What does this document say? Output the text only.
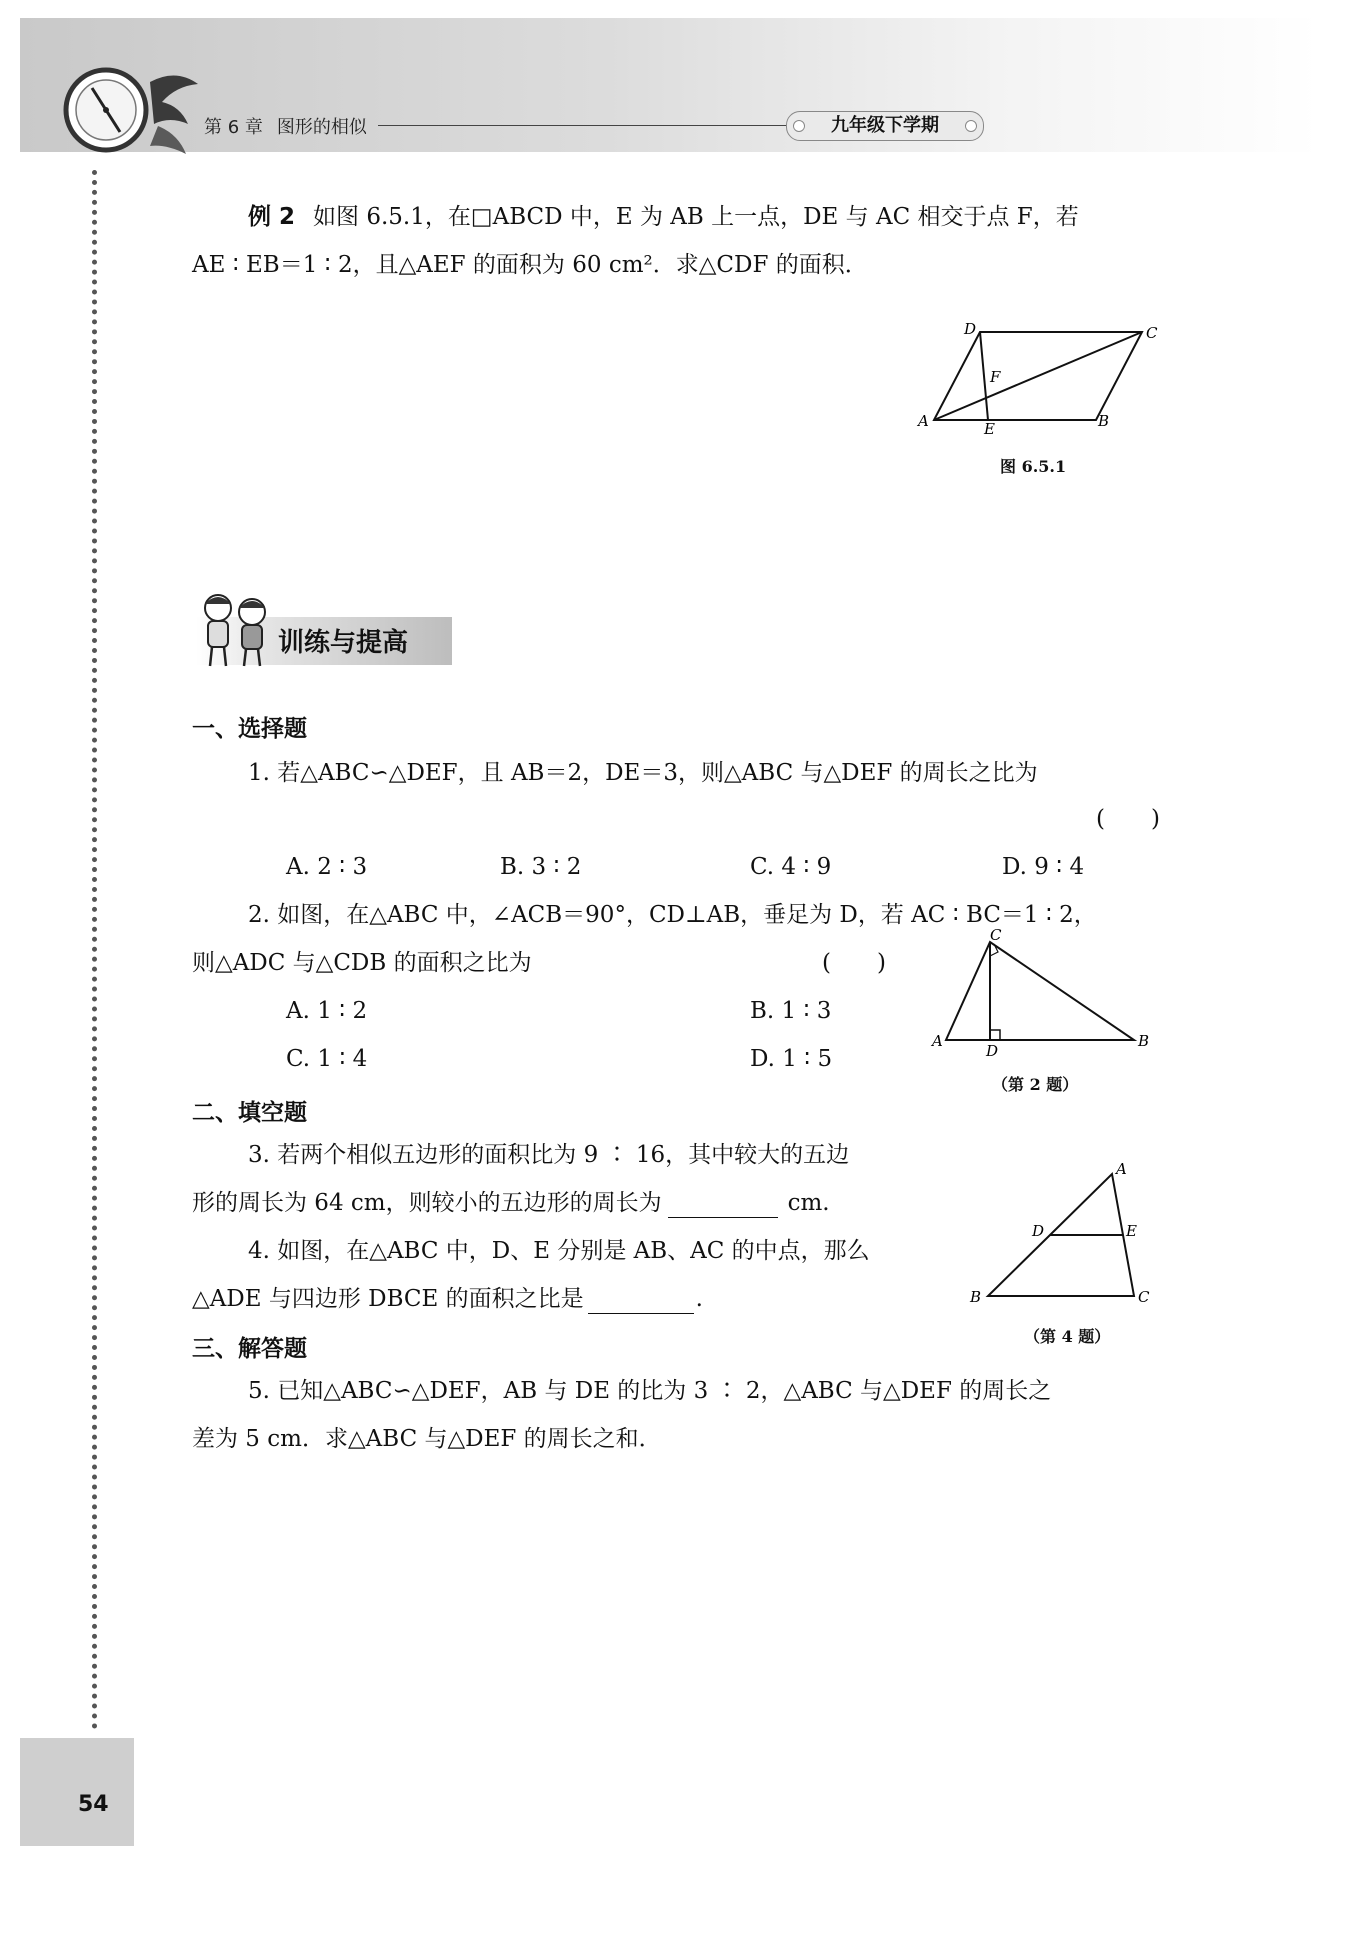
第 6 章 图形的相似	九年级下学期
54
例 2 如图 6.5.1，在□ABCD 中，E 为 AB 上一点，DE 与 AC 相交于点 F，若
AE ∶ EB＝1 ∶ 2，且△AEF 的面积为 60 cm²．求△CDF 的面积．
A	B
C
D
E
F
图 6.5.1
训练与提高
一、选择题
1. 若△ABC∽△DEF，且 AB＝2，DE＝3，则△ABC 与△DEF 的周长之比为
(　　)
A. 2 ∶ 3	B. 3 ∶ 2	C. 4 ∶ 9	D. 9 ∶ 4
2. 如图，在△ABC 中，∠ACB＝90°，CD⊥AB，垂足为 D，若 AC ∶ BC＝1 ∶ 2，
则△ADC 与△CDB 的面积之比为	(　　)
A. 1 ∶ 2	B. 1 ∶ 3
C. 1 ∶ 4	D. 1 ∶ 5
A	B
C
D
（第 2 题）
二、填空题
3. 若两个相似五边形的面积比为 9 ∶ 16，其中较大的五边
形的周长为 64 cm，则较小的五边形的周长为	cm.
4. 如图，在△ABC 中，D、E 分别是 AB、AC 的中点，那么
△ADE 与四边形 DBCE 的面积之比是	.
A
B	C
D	E
（第 4 题）
三、解答题
5. 已知△ABC∽△DEF，AB 与 DE 的比为 3 ∶ 2，△ABC 与△DEF 的周长之
差为 5 cm．求△ABC 与△DEF 的周长之和．
